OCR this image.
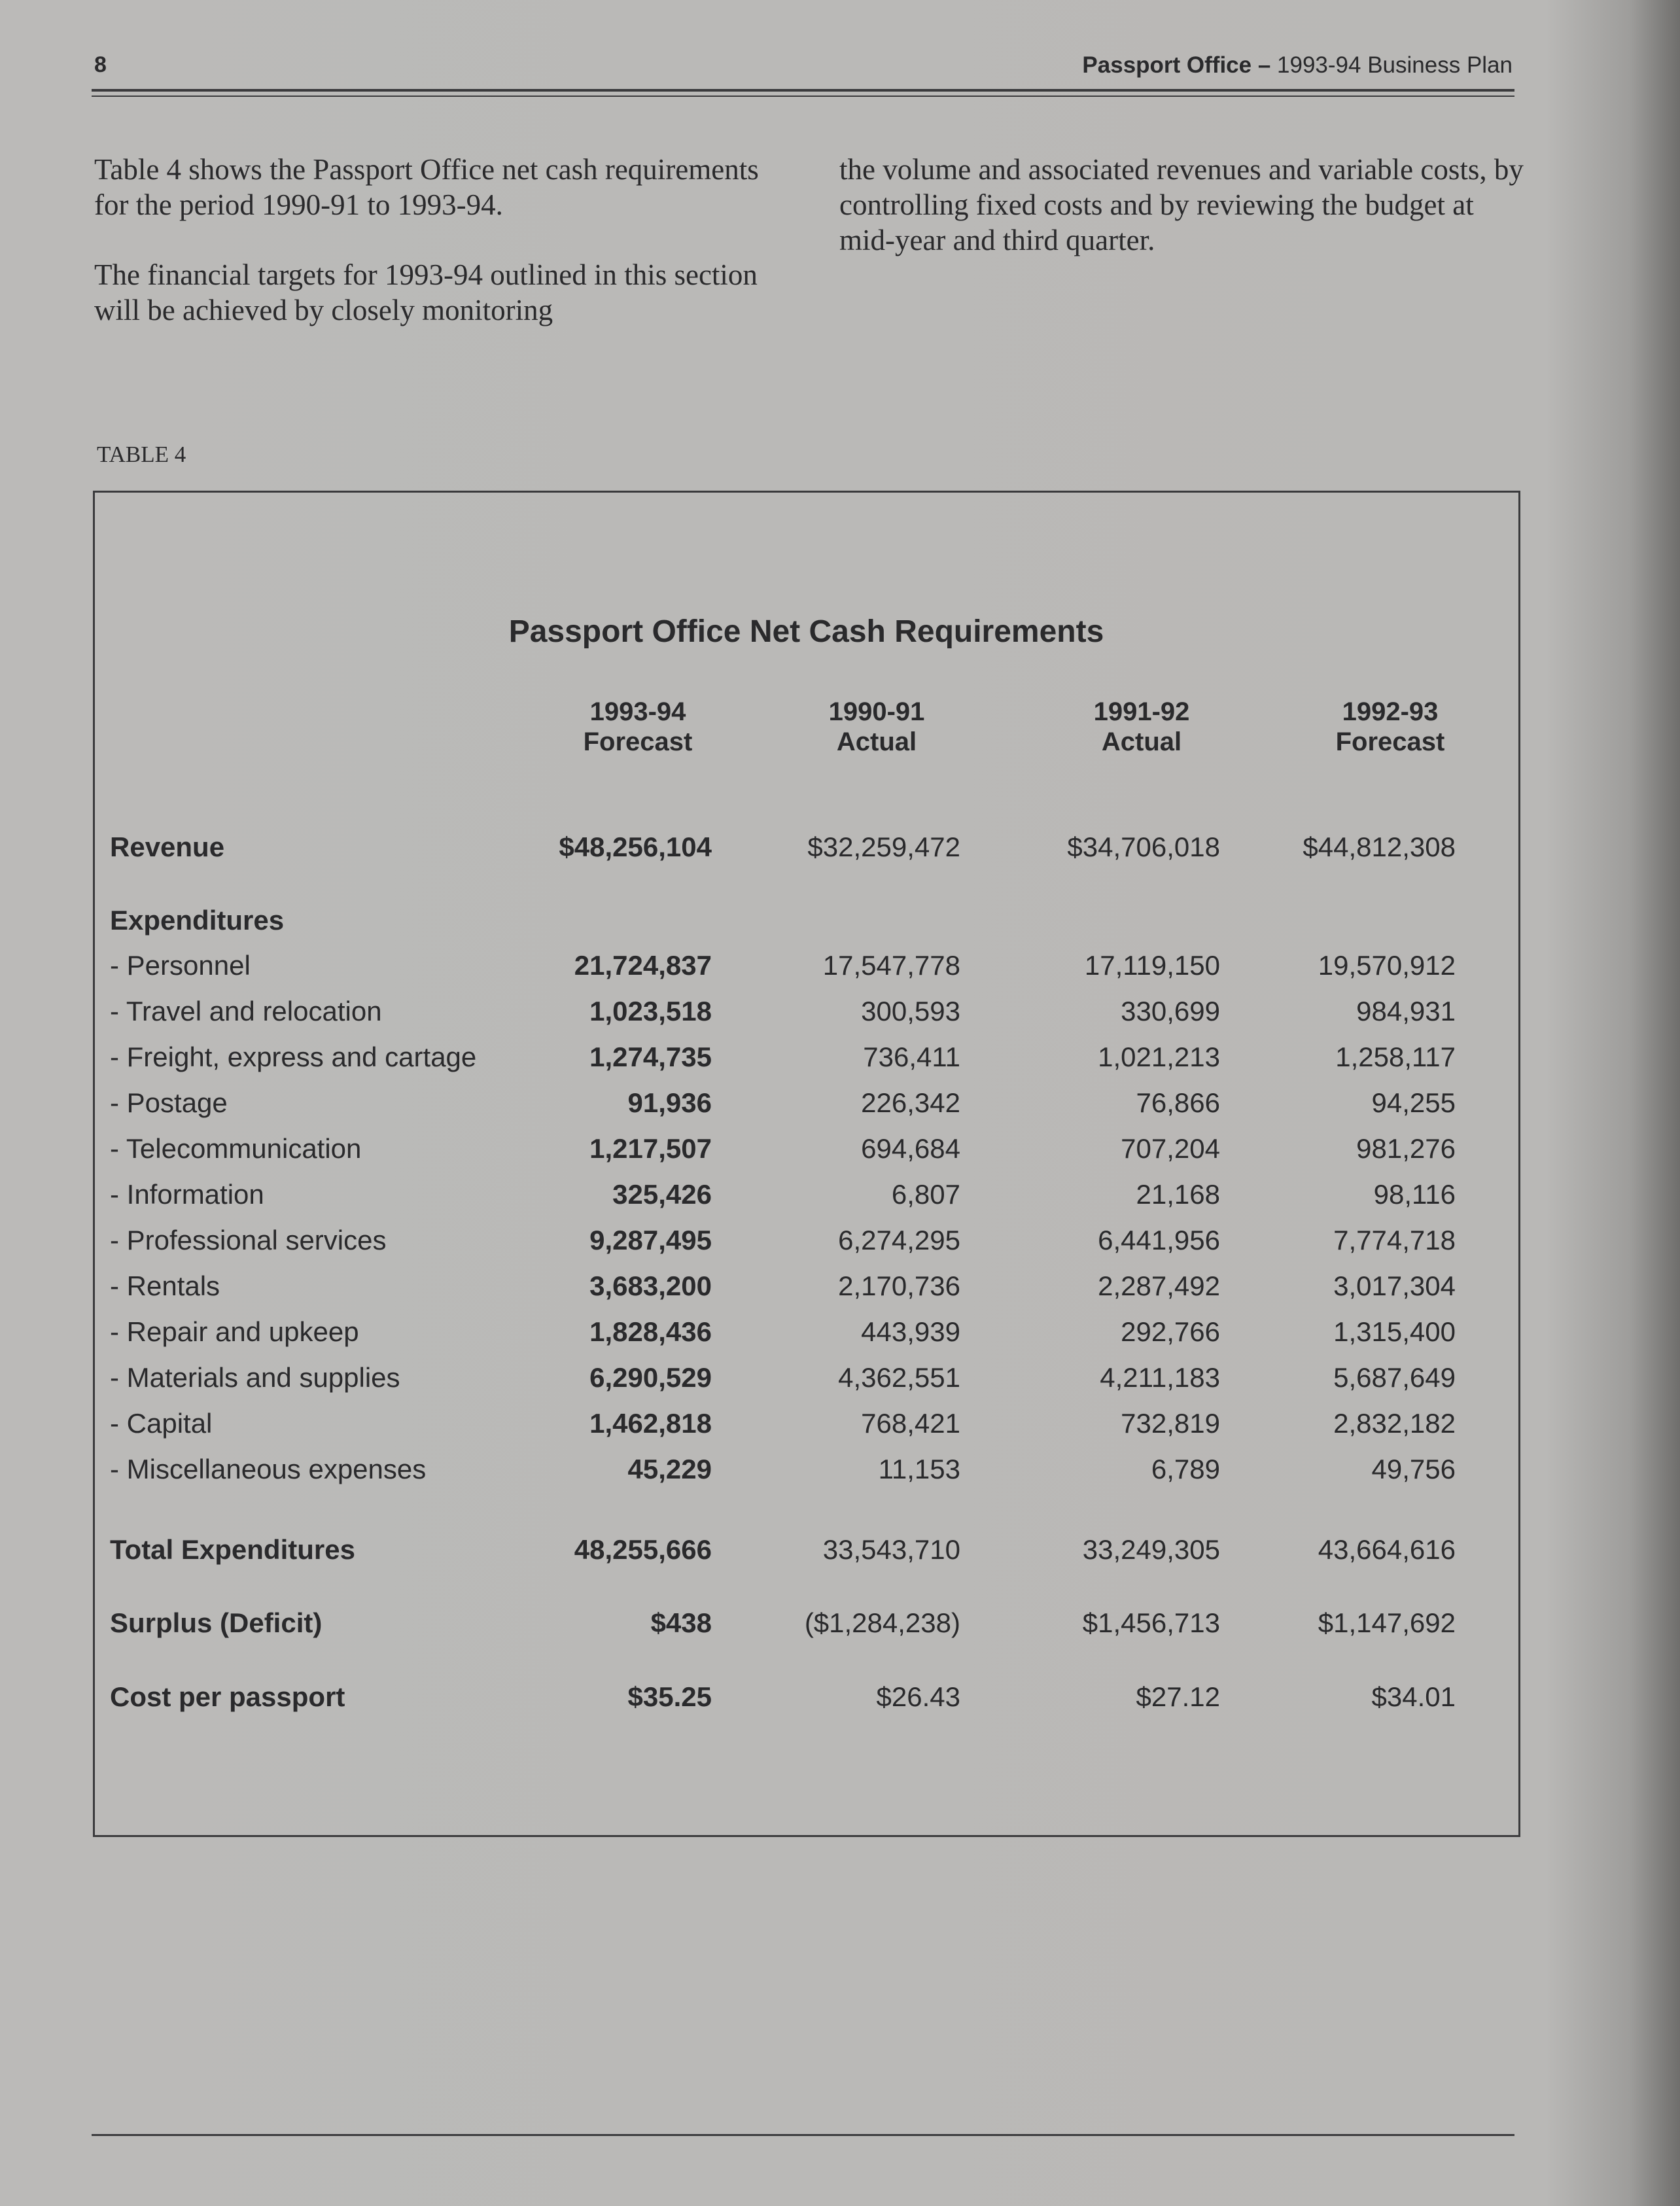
8	Passport Office – 1993-94 Business Plan

Table 4 shows the Passport Office net cash requirements for the period 1990-91 to 1993-94.

The financial targets for 1993-94 outlined in this section will be achieved by closely monitoring

the volume and associated revenues and variable costs, by controlling fixed costs and by reviewing the budget at mid-year and third quarter.

TABLE 4
Passport Office Net Cash Requirements
1993-94
Forecast
1990-91
Actual
1991-92
Actual
1992-93
Forecast
Revenue	$48,256,104	$32,259,472	$34,706,018	$44,812,308
Expenditures
- Personnel	21,724,837	17,547,778	17,119,150	19,570,912
- Travel and relocation	1,023,518	300,593	330,699	984,931
- Freight, express and cartage	1,274,735	736,411	1,021,213	1,258,117
- Postage	91,936	226,342	76,866	94,255
- Telecommunication	1,217,507	694,684	707,204	981,276
- Information	325,426	6,807	21,168	98,116
- Professional services	9,287,495	6,274,295	6,441,956	7,774,718
- Rentals	3,683,200	2,170,736	2,287,492	3,017,304
- Repair and upkeep	1,828,436	443,939	292,766	1,315,400
- Materials and supplies	6,290,529	4,362,551	4,211,183	5,687,649
- Capital	1,462,818	768,421	732,819	2,832,182
- Miscellaneous expenses	45,229	11,153	6,789	49,756
Total Expenditures	48,255,666	33,543,710	33,249,305	43,664,616
Surplus (Deficit)	$438	($1,284,238)	$1,456,713	$1,147,692
Cost per passport	$35.25	$26.43	$27.12	$34.01
